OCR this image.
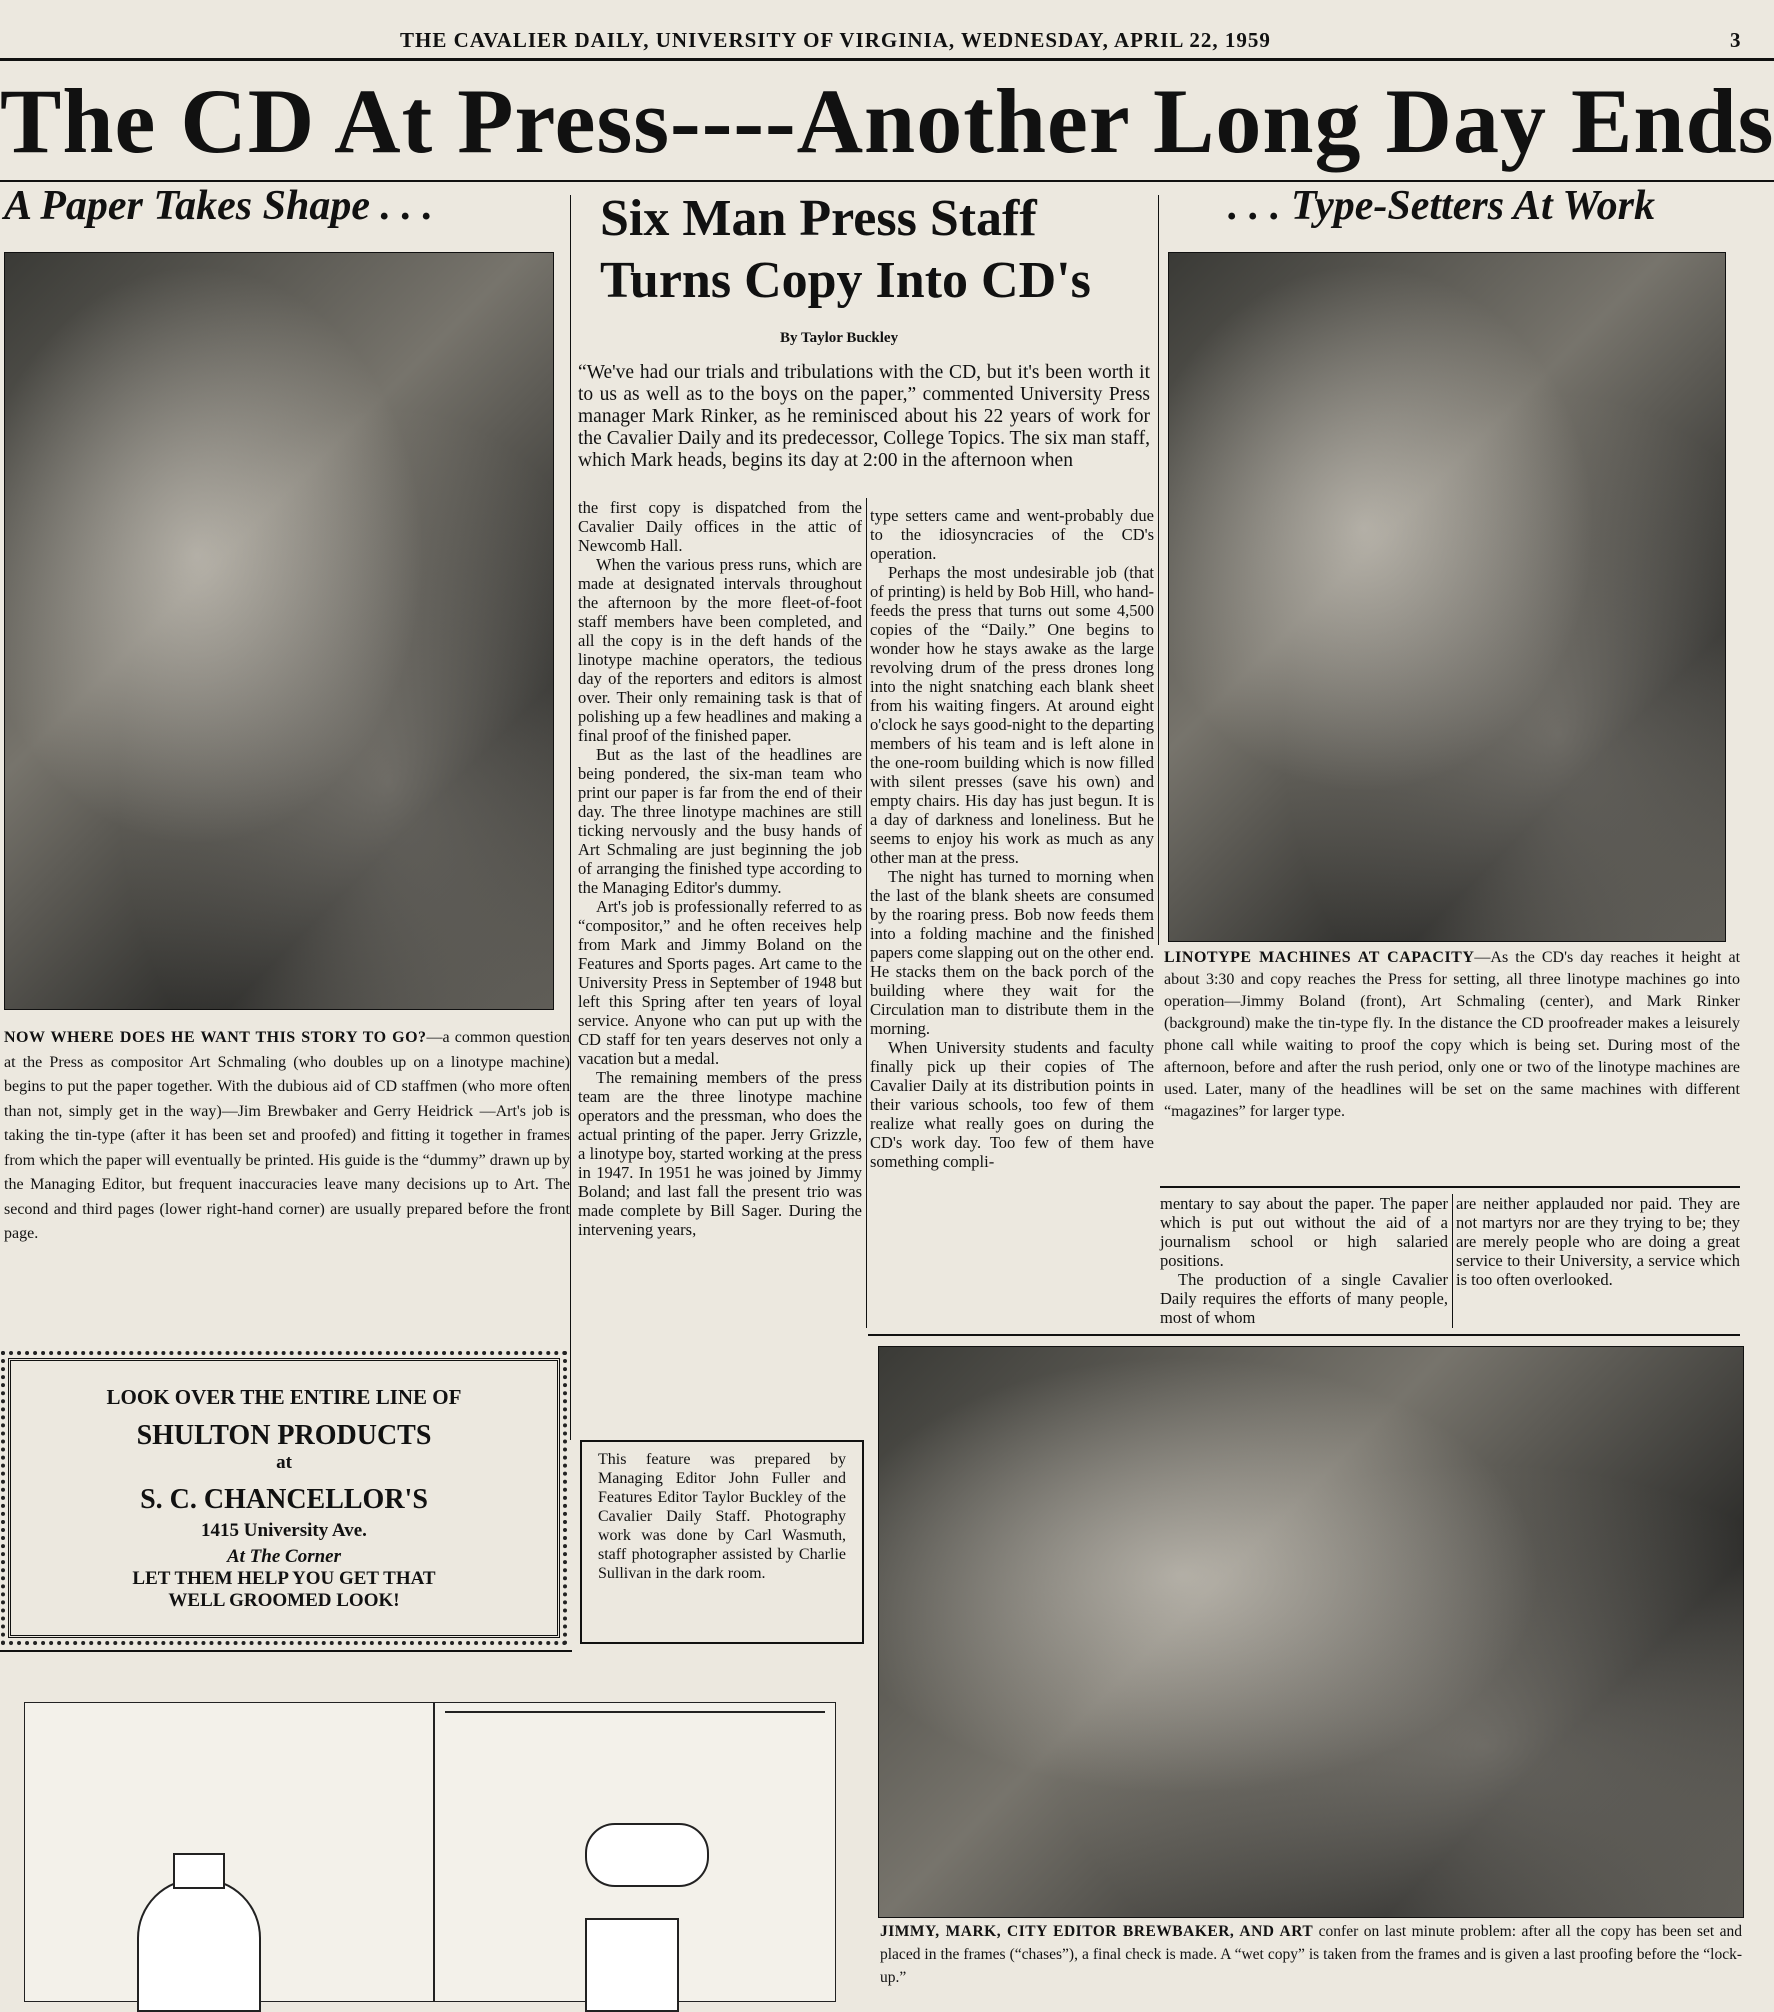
THE CAVALIER DAILY, UNIVERSITY OF VIRGINIA, WEDNESDAY, APRIL 22, 1959	3
The CD At Press----Another Long Day Ends
A Paper Takes Shape . . .
NOW WHERE DOES HE WANT THIS STORY TO GO?—a common question at the Press as compositor Art Schmaling (who doubles up on a linotype machine) begins to put the paper together. With the dubious aid of CD staffmen (who more often than not, simply get in the way)—Jim Brewbaker and Gerry Heidrick —Art's job is taking the tin-type (after it has been set and proofed) and fitting it together in frames from which the paper will eventually be printed. His guide is the “dummy” drawn up by the Managing Editor, but frequent inaccuracies leave many decisions up to Art. The second and third pages (lower right-hand corner) are usually prepared before the front page.
LOOK OVER THE ENTIRE LINE OF
SHULTON PRODUCTS
at
S. C. CHANCELLOR'S
1415 University Ave.
At The Corner
LET THEM HELP YOU GET THAT
WELL GROOMED LOOK!
Six Man Press Staff Turns Copy Into CD's
By Taylor Buckley
“We've had our trials and tribulations with the CD, but it's been worth it to us as well as to the boys on the paper,” commented University Press manager Mark Rinker, as he reminisced about his 22 years of work for the Cavalier Daily and its predecessor, College Topics. The six man staff, which Mark heads, begins its day at 2:00 in the afternoon when

the first copy is dispatched from the Cavalier Daily offices in the attic of Newcomb Hall.

When the various press runs, which are made at designated intervals throughout the afternoon by the more fleet-of-foot staff members have been completed, and all the copy is in the deft hands of the linotype machine operators, the tedious day of the reporters and editors is almost over. Their only remaining task is that of polishing up a few headlines and making a final proof of the finished paper.

But as the last of the headlines are being pondered, the six-man team who print our paper is far from the end of their day. The three linotype machines are still ticking nervously and the busy hands of Art Schmaling are just beginning the job of arranging the finished type according to the Managing Editor's dummy.

Art's job is professionally referred to as “compositor,” and he often receives help from Mark and Jimmy Boland on the Features and Sports pages. Art came to the University Press in September of 1948 but left this Spring after ten years of loyal service. Anyone who can put up with the CD staff for ten years deserves not only a vacation but a medal.

The remaining members of the press team are the three linotype machine operators and the pressman, who does the actual printing of the paper. Jerry Grizzle, a linotype boy, started working at the press in 1947. In 1951 he was joined by Jimmy Boland; and last fall the present trio was made complete by Bill Sager. During the intervening years,

type setters came and went-probably due to the idiosyncracies of the CD's operation.

Perhaps the most undesirable job (that of printing) is held by Bob Hill, who hand-feeds the press that turns out some 4,500 copies of the “Daily.” One begins to wonder how he stays awake as the large revolving drum of the press drones long into the night snatching each blank sheet from his waiting fingers. At around eight o'clock he says good-night to the departing members of his team and is left alone in the one-room building which is now filled with silent presses (save his own) and empty chairs. His day has just begun. It is a day of darkness and loneliness. But he seems to enjoy his work as much as any other man at the press.

The night has turned to morning when the last of the blank sheets are consumed by the roaring press. Bob now feeds them into a folding machine and the finished papers come slapping out on the other end. He stacks them on the back porch of the building where they wait for the Circulation man to distribute them in the morning.

When University students and faculty finally pick up their copies of The Cavalier Daily at its distribution points in their various schools, too few of them realize what really goes on during the CD's work day. Too few of them have something compli-

This feature was prepared by Managing Editor John Fuller and Features Editor Taylor Buckley of the Cavalier Daily Staff. Photography work was done by Carl Wasmuth, staff photographer assisted by Charlie Sullivan in the dark room.
. . . Type-Setters At Work
LINOTYPE MACHINES AT CAPACITY—As the CD's day reaches it height at about 3:30 and copy reaches the Press for setting, all three linotype machines go into operation—Jimmy Boland (front), Art Schmaling (center), and Mark Rinker (background) make the tin-type fly. In the distance the CD proofreader makes a leisurely phone call while waiting to proof the copy which is being set. During most of the afternoon, before and after the rush period, only one or two of the linotype machines are used. Later, many of the headlines will be set on the same machines with different “magazines” for larger type.

mentary to say about the paper. The paper which is put out without the aid of a journalism school or high salaried positions.

The production of a single Cavalier Daily requires the efforts of many people, most of whom

are neither applauded nor paid. They are not martyrs nor are they trying to be; they are merely people who are doing a great service to their University, a service which is too often overlooked.

JIMMY, MARK, CITY EDITOR BREWBAKER, AND ART confer on last minute problem: after all the copy has been set and placed in the frames (“chases”), a final check is made. A “wet copy” is taken from the frames and is given a last proofing before the “lock-up.”
